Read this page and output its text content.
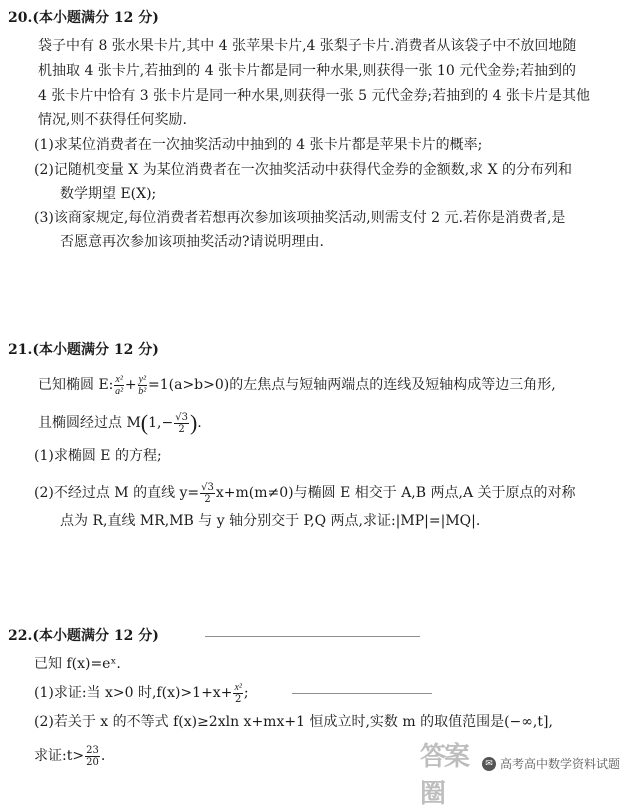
20.(本小题满分 12 分)
袋子中有 8 张水果卡片,其中 4 张苹果卡片,4 张梨子卡片.消费者从该袋子中不放回地随
机抽取 4 张卡片,若抽到的 4 张卡片都是同一种水果,则获得一张 10 元代金券;若抽到的
4 张卡片中恰有 3 张卡片是同一种水果,则获得一张 5 元代金券;若抽到的 4 张卡片是其他
情况,则不获得任何奖励.
(1)求某位消费者在一次抽奖活动中抽到的 4 张卡片都是苹果卡片的概率;
(2)记随机变量 X 为某位消费者在一次抽奖活动中获得代金券的金额数,求 X 的分布列和
数学期望 E(X);
(3)该商家规定,每位消费者若想再次参加该项抽奖活动,则需支付 2 元.若你是消费者,是
否愿意再次参加该项抽奖活动?请说明理由.
21.(本小题满分 12 分)
已知椭圆 E: $\frac{\text{x²}}{\text{a²}} + \frac{\text{y²}}{\text{b²}} =1(a>b>0)$的左焦点与短轴两端点的连线及短轴构成等边三角形,
且椭圆经过点 $M(1,- \frac{√3}{2}$ ).
(1)求椭圆 E 的方程;
(2)不经过点 M 的直线 $y= \frac{√3}{2} x+m(m\ne 0)$与椭圆 E 相交于 A,B 两点,A 关于原点的对称
点为 R,直线 MR,MB 与 y 轴分别交于 P,Q 两点,求证:|MP|=|MQ|.
22.(本小题满分 12 分)
已知 f(x)=eˣ.
(1)求证:当 x>0 时$,f(x)>1+x+ \frac{\text{x²}}{2}$ ;
(2)若关于 x 的不等式 f(x)≥2xln x+mx+1 恒成立时,实数 m 的取值范围是(−∞,t],
求证:t> $\frac{23}{20}$ .	答案圈
✉ 高考高中数学资料试题
